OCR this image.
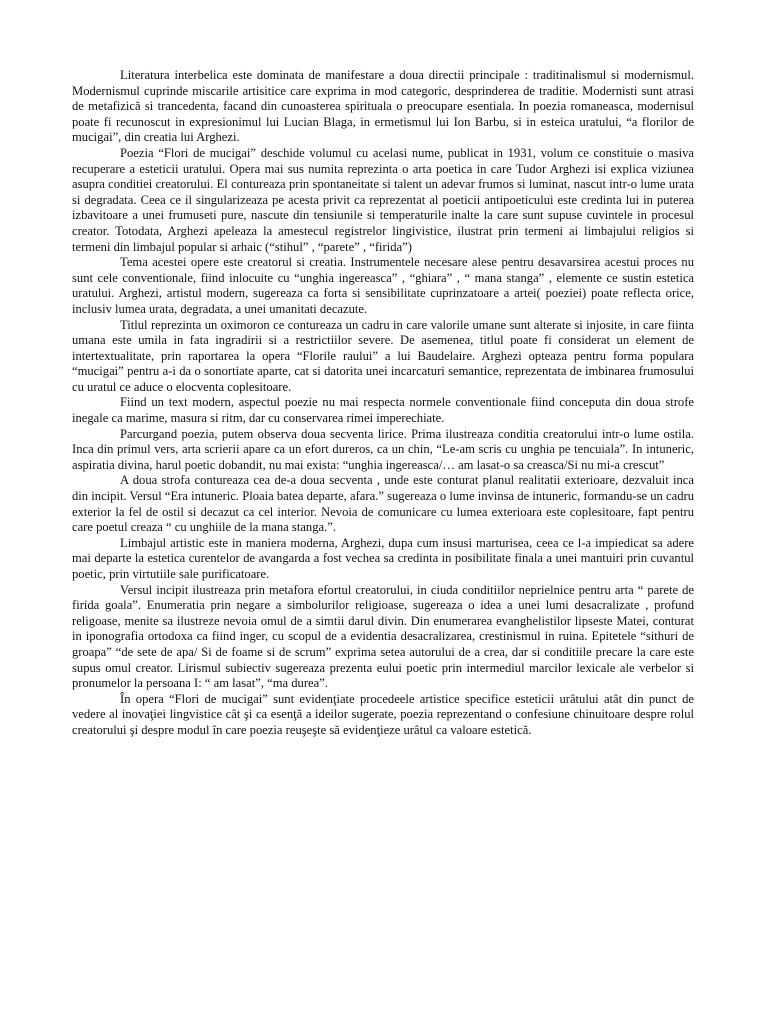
Literatura interbelica este dominata de manifestare a doua directii principale : traditinalismul si modernismul. Modernismul cuprinde miscarile artisitice care exprima in mod categoric, desprinderea de traditie. Modernisti sunt atrasi de metafizică si trancedenta, facand din cunoasterea spirituala o preocupare esentiala. In poezia romaneasca, modernisul poate fi recunoscut in expresionimul lui Lucian Blaga, in ermetismul lui Ion Barbu, si in esteica uratului, “a florilor de mucigai”, din creatia lui Arghezi.

Poezia “Flori de mucigai” deschide volumul cu acelasi nume, publicat in 1931, volum ce constituie o masiva recuperare a esteticii uratului. Opera mai sus numita reprezinta o arta poetica in care Tudor Arghezi isi explica viziunea asupra conditiei creatorului. El contureaza prin spontaneitate si talent un adevar frumos si luminat, nascut intr-o lume urata si degradata. Ceea ce il singularizeaza pe acesta privit ca reprezentat al poeticii antipoeticului este credinta lui in puterea izbavitoare a unei frumuseti pure, nascute din tensiunile si temperaturile inalte la care sunt supuse cuvintele in procesul creator. Totodata, Arghezi apeleaza la amestecul registrelor lingivistice, ilustrat prin termeni ai limbajului religios si termeni din limbajul popular si arhaic (“stihul” , “parete” , “firida”)

Tema acestei opere este creatorul si creatia. Instrumentele necesare alese pentru desavarsirea acestui proces nu sunt cele conventionale, fiind inlocuite cu “unghia ingereasca” , “ghiara” , “ mana stanga” , elemente ce sustin estetica uratului. Arghezi, artistul modern, sugereaza ca forta si sensibilitate cuprinzatoare a artei( poeziei) poate reflecta orice, inclusiv lumea urata, degradata, a unei umanitati decazute.

Titlul reprezinta un oximoron ce contureaza un cadru in care valorile umane sunt alterate si injosite, in care fiinta umana este umila in fata ingradirii si a restrictiilor severe. De asemenea, titlul poate fi considerat un element de intertextualitate, prin raportarea la opera “Florile raului” a lui Baudelaire. Arghezi opteaza pentru forma populara “mucigai” pentru a-i da o sonortiate aparte, cat si datorita unei incarcaturi semantice, reprezentata de imbinarea frumosului cu uratul ce aduce o elocventa coplesitoare.

Fiind un text modern, aspectul poezie nu mai respecta normele conventionale fiind conceputa din doua strofe inegale ca marime, masura si ritm, dar cu conservarea rimei imperechiate.

Parcurgand poezia, putem observa doua secventa lirice. Prima ilustreaza conditia creatorului intr-o lume ostila. Inca din primul vers, arta scrierii apare ca un efort dureros, ca un chin, “Le-am scris cu unghia pe tencuiala”. In intuneric, aspiratia divina, harul poetic dobandit, nu mai exista: “unghia ingereasca/… am lasat-o sa creasca/Si nu mi-a crescut”

A doua strofa contureaza cea de-a doua secventa , unde este conturat planul realitatii exterioare, dezvaluit inca din incipit. Versul “Era intuneric. Ploaia batea departe, afara.” sugereaza o lume invinsa de intuneric, formandu-se un cadru exterior la fel de ostil si decazut ca cel interior. Nevoia de comunicare cu lumea exterioara este coplesitoare, fapt pentru care poetul creaza “ cu unghiile de la mana stanga.”.

Limbajul artistic este in maniera moderna, Arghezi, dupa cum insusi marturisea, ceea ce l-a impiedicat sa adere mai departe la estetica curentelor de avangarda a fost vechea sa credinta in posibilitate finala a unei mantuiri prin cuvantul poetic, prin virtutiile sale purificatoare.

Versul incipit ilustreaza prin metafora efortul creatorului, in ciuda conditiilor neprielnice pentru arta “ parete de firida goala”. Enumeratia prin negare a simbolurilor religioase, sugereaza o idea a unei lumi desacralizate , profund religoase, menite sa ilustreze nevoia omul de a simtii darul divin. Din enumerarea evanghelistilor lipseste Matei, conturat in iponografia ortodoxa ca fiind inger, cu scopul de a evidentia desacralizarea, crestinismul in ruina. Epitetele “sithuri de groapa” “de sete de apa/ Si de foame si de scrum” exprima setea autorului de a crea, dar si conditiile precare la care este supus omul creator. Lirismul subiectiv sugereaza prezenta eului poetic prin intermediul marcilor lexicale ale verbelor si pronumelor la persoana I: “ am lasat”, “ma durea”.

În opera “Flori de mucigai” sunt evidenţiate procedeele artistice specifice esteticii urâtului atât din punct de vedere al inovaţiei lingvistice cât şi ca esenţă a ideilor sugerate, poezia reprezentand o confesiune chinuitoare despre rolul creatorului şi despre modul în care poezia reuşeşte să evidenţieze urâtul ca valoare estetică.
